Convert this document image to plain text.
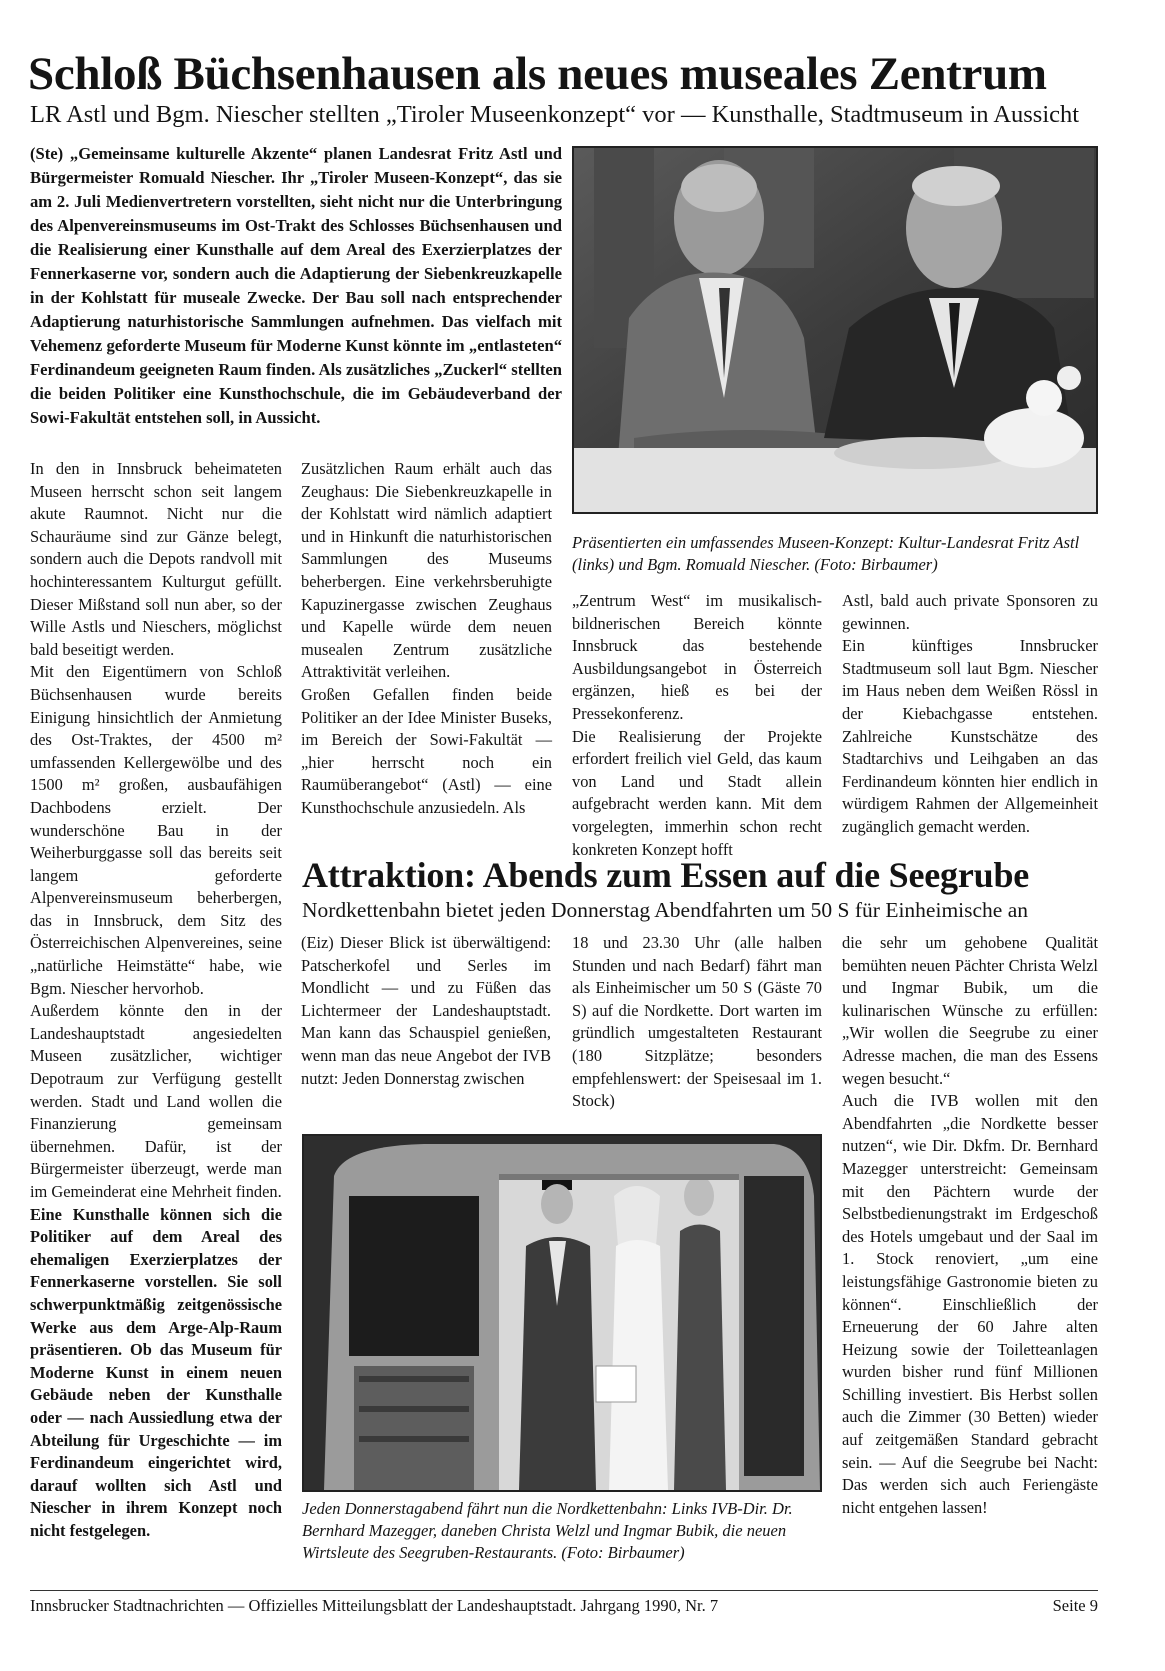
Schloß Büchsenhausen als neues museales Zentrum
LR Astl und Bgm. Niescher stellten „Tiroler Museenkonzept“ vor — Kunsthalle, Stadtmuseum in Aussicht
(Ste) „Gemeinsame kulturelle Akzente“ planen Landesrat Fritz Astl und Bürgermeister Romuald Niescher. Ihr „Tiroler Museen-Konzept“, das sie am 2. Juli Medienvertretern vorstellten, sieht nicht nur die Unterbringung des Alpenvereinsmuseums im Ost-Trakt des Schlosses Büchsenhausen und die Realisierung einer Kunsthalle auf dem Areal des Exerzierplatzes der Fennerkaserne vor, sondern auch die Adaptierung der Siebenkreuzkapelle in der Kohlstatt für museale Zwecke. Der Bau soll nach entsprechender Adaptierung naturhistorische Sammlungen aufnehmen. Das vielfach mit Vehemenz geforderte Museum für Moderne Kunst könnte im „entlasteten“ Ferdinandeum geeigneten Raum finden. Als zusätzliches „Zuckerl“ stellten die beiden Politiker eine Kunsthochschule, die im Gebäudeverband der Sowi-Fakultät entstehen soll, in Aussicht.
Präsentierten ein umfassendes Museen-Konzept: Kultur-Landesrat Fritz Astl (links) und Bgm. Romuald Niescher. (Foto: Birbaumer)

In den in Innsbruck beheimateten Museen herrscht schon seit langem akute Raumnot. Nicht nur die Schauräume sind zur Gänze belegt, sondern auch die Depots randvoll mit hochinteressantem Kulturgut gefüllt. Dieser Mißstand soll nun aber, so der Wille Astls und Nieschers, möglichst bald beseitigt werden.

Mit den Eigentümern von Schloß Büchsenhausen wurde bereits Einigung hinsichtlich der Anmietung des Ost-Traktes, der 4500 m² umfassenden Kellergewölbe und des 1500 m² großen, ausbaufähigen Dachbodens erzielt. Der wunderschöne Bau in der Weiherburggasse soll das bereits seit langem geforderte Alpenvereinsmuseum beherbergen, das in Innsbruck, dem Sitz des Österreichischen Alpenvereines, seine „natürliche Heimstätte“ habe, wie Bgm. Niescher hervorhob.

Außerdem könnte den in der Landeshauptstadt angesiedelten Museen zusätzlicher, wichtiger Depotraum zur Verfügung gestellt werden. Stadt und Land wollen die Finanzierung gemeinsam übernehmen. Dafür, ist der Bürgermeister überzeugt, werde man im Gemeinderat eine Mehrheit finden.

Eine Kunsthalle können sich die Politiker auf dem Areal des ehemaligen Exerzierplatzes der Fennerkaserne vorstellen. Sie soll schwerpunktmäßig zeitgenössische Werke aus dem Arge-Alp-Raum präsentieren. Ob das Museum für Moderne Kunst in einem neuen Gebäude neben der Kunsthalle oder — nach Aussiedlung etwa der Abteilung für Urgeschichte — im Ferdinandeum eingerichtet wird, darauf wollten sich Astl und Niescher in ihrem Konzept noch nicht festgelegen.

Zusätzlichen Raum erhält auch das Zeughaus: Die Siebenkreuzkapelle in der Kohlstatt wird nämlich adaptiert und in Hinkunft die naturhistorischen Sammlungen des Museums beherbergen. Eine verkehrsberuhigte Kapuzinergasse zwischen Zeughaus und Kapelle würde dem neuen musealen Zentrum zusätzliche Attraktivität verleihen.

Großen Gefallen finden beide Politiker an der Idee Minister Buseks, im Bereich der Sowi-Fakultät — „hier herrscht noch ein Raumüberangebot“ (Astl) — eine Kunsthochschule anzusiedeln. Als

„Zentrum West“ im musikalisch-bildnerischen Bereich könnte Innsbruck das bestehende Ausbildungsangebot in Österreich ergänzen, hieß es bei der Pressekonferenz.

Die Realisierung der Projekte erfordert freilich viel Geld, das kaum von Land und Stadt allein aufgebracht werden kann. Mit dem vorgelegten, immerhin schon recht konkreten Konzept hofft

Astl, bald auch private Sponsoren zu gewinnen.

Ein künftiges Innsbrucker Stadtmuseum soll laut Bgm. Niescher im Haus neben dem Weißen Rössl in der Kiebachgasse entstehen. Zahlreiche Kunstschätze des Stadtarchivs und Leihgaben an das Ferdinandeum könnten hier endlich in würdigem Rahmen der Allgemeinheit zugänglich gemacht werden.

Attraktion: Abends zum Essen auf die Seegrube
Nordkettenbahn bietet jeden Donnerstag Abendfahrten um 50 S für Einheimische an

(Eiz) Dieser Blick ist überwältigend: Patscherkofel und Serles im Mondlicht — und zu Füßen das Lichtermeer der Landeshauptstadt. Man kann das Schauspiel genießen, wenn man das neue Angebot der IVB nutzt: Jeden Donnerstag zwischen

18 und 23.30 Uhr (alle halben Stunden und nach Bedarf) fährt man als Einheimischer um 50 S (Gäste 70 S) auf die Nordkette. Dort warten im gründlich umgestalteten Restaurant (180 Sitzplätze; besonders empfehlenswert: der Speisesaal im 1. Stock)

die sehr um gehobene Qualität bemühten neuen Pächter Christa Welzl und Ingmar Bubik, um die kulinarischen Wünsche zu erfüllen: „Wir wollen die Seegrube zu einer Adresse machen, die man des Essens wegen besucht.“

Auch die IVB wollen mit den Abendfahrten „die Nordkette besser nutzen“, wie Dir. Dkfm. Dr. Bernhard Mazegger unterstreicht: Gemeinsam mit den Pächtern wurde der Selbstbedienungstrakt im Erdgeschoß des Hotels umgebaut und der Saal im 1. Stock renoviert, „um eine leistungsfähige Gastronomie bieten zu können“. Einschließlich der Erneuerung der 60 Jahre alten Heizung sowie der Toiletteanlagen wurden bisher rund fünf Millionen Schilling investiert. Bis Herbst sollen auch die Zimmer (30 Betten) wieder auf zeitgemäßen Standard gebracht sein. — Auf die Seegrube bei Nacht: Das werden sich auch Feriengäste nicht entgehen lassen!

Jeden Donnerstagabend fährt nun die Nordkettenbahn: Links IVB-Dir. Dr. Bernhard Mazegger, daneben Christa Welzl und Ingmar Bubik, die neuen Wirtsleute des Seegruben-Restaurants. (Foto: Birbaumer)
Innsbrucker Stadtnachrichten — Offizielles Mitteilungsblatt der Landeshauptstadt. Jahrgang 1990, Nr. 7	Seite 9
